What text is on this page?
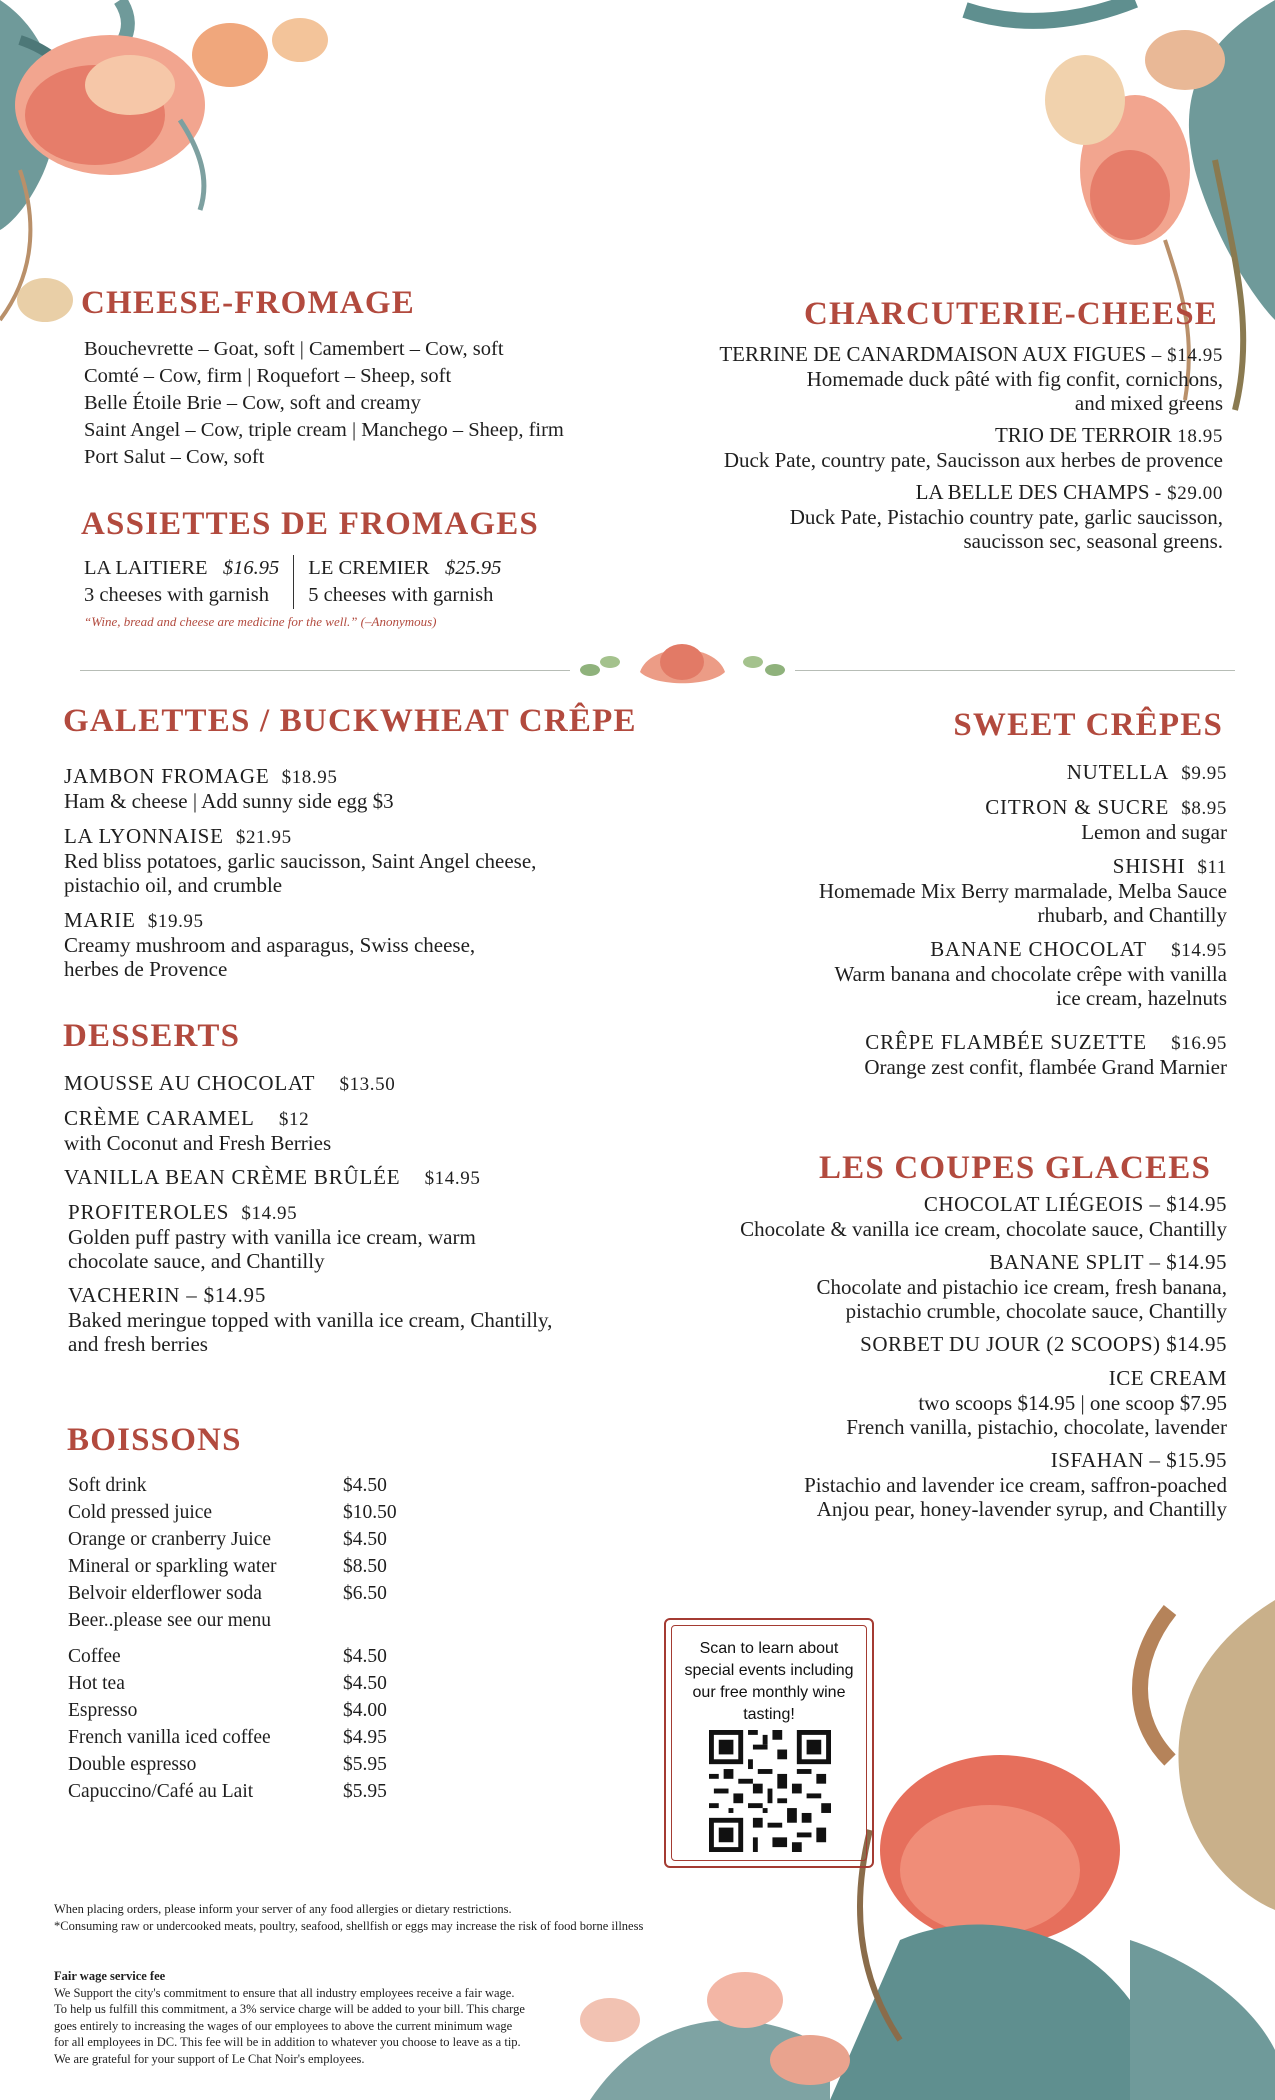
CHEESE-FROMAGE
Bouchevrette – Goat, soft | Camembert – Cow, soft
Comté – Cow, firm | Roquefort – Sheep, soft
Belle Étoile Brie – Cow, soft and creamy
Saint Angel – Cow, triple cream | Manchego – Sheep, firm
Port Salut – Cow, soft
ASSIETTES DE FROMAGES
LA LAITIERE $16.95
3 cheeses with garnish
LE CREMIER $25.95
5 cheeses with garnish
“Wine, bread and cheese are medicine for the well.” (–Anonymous)
CHARCUTERIE-CHEESE
TERRINE DE CANARDMAISON AUX FIGUES – $14.95
Homemade duck pâté with fig confit, cornichons,
and mixed greens
TRIO DE TERROIR 18.95
Duck Pate, country pate, Saucisson aux herbes de provence
LA BELLE DES CHAMPS - $29.00
Duck Pate, Pistachio country pate, garlic saucisson,
saucisson sec, seasonal greens.
GALETTES / BUCKWHEAT CRÊPE
JAMBON FROMAGE $18.95
Ham & cheese | Add sunny side egg $3
LA LYONNAISE $21.95
Red bliss potatoes, garlic saucisson, Saint Angel cheese,
pistachio oil, and crumble
MARIE $19.95
Creamy mushroom and asparagus, Swiss cheese,
herbes de Provence
SWEET CRÊPES
NUTELLA $9.95
CITRON & SUCRE $8.95
Lemon and sugar
SHISHI $11
Homemade Mix Berry marmalade, Melba Sauce
rhubarb, and Chantilly
BANANE CHOCOLAT $14.95
Warm banana and chocolate crêpe with vanilla
ice cream, hazelnuts
CRÊPE FLAMBÉE SUZETTE $16.95
Orange zest confit, flambée Grand Marnier
DESSERTS
MOUSSE AU CHOCOLAT $13.50
CRÈME CARAMEL $12
with Coconut and Fresh Berries
VANILLA BEAN CRÈME BRÛLÉE $14.95
PROFITEROLES $14.95
Golden puff pastry with vanilla ice cream, warm
chocolate sauce, and Chantilly
VACHERIN – $14.95
Baked meringue topped with vanilla ice cream, Chantilly,
and fresh berries
LES COUPES GLACEES
CHOCOLAT LIÉGEOIS – $14.95
Chocolate & vanilla ice cream, chocolate sauce, Chantilly
BANANE SPLIT – $14.95
Chocolate and pistachio ice cream, fresh banana,
pistachio crumble, chocolate sauce, Chantilly
SORBET DU JOUR (2 SCOOPS) $14.95
ICE CREAM
two scoops $14.95 | one scoop $7.95
French vanilla, pistachio, chocolate, lavender
ISFAHAN – $15.95
Pistachio and lavender ice cream, saffron-poached
Anjou pear, honey-lavender syrup, and Chantilly
BOISSONS
Soft drink	$4.50
Cold pressed juice	$10.50
Orange or cranberry Juice	$4.50
Mineral or sparkling water	$8.50
Belvoir elderflower soda	$6.50
Beer..please see our menu	
Coffee	$4.50
Hot tea	$4.50
Espresso	$4.00
French vanilla iced coffee	$4.95
Double espresso	$5.95
Capuccino/Café au Lait	$5.95
Scan to learn about special events including our free monthly wine tasting!
When placing orders, please inform your server of any food allergies or dietary restrictions.
*Consuming raw or undercooked meats, poultry, seafood, shellfish or eggs may increase the risk of food borne illness
Fair wage service fee
We Support the city's commitment to ensure that all industry employees receive a fair wage.
To help us fulfill this commitment, a 3% service charge will be added to your bill. This charge
goes entirely to increasing the wages of our employees to above the current minimum wage
for all employees in DC. This fee will be in addition to whatever you choose to leave as a tip.
We are grateful for your support of Le Chat Noir's employees.
